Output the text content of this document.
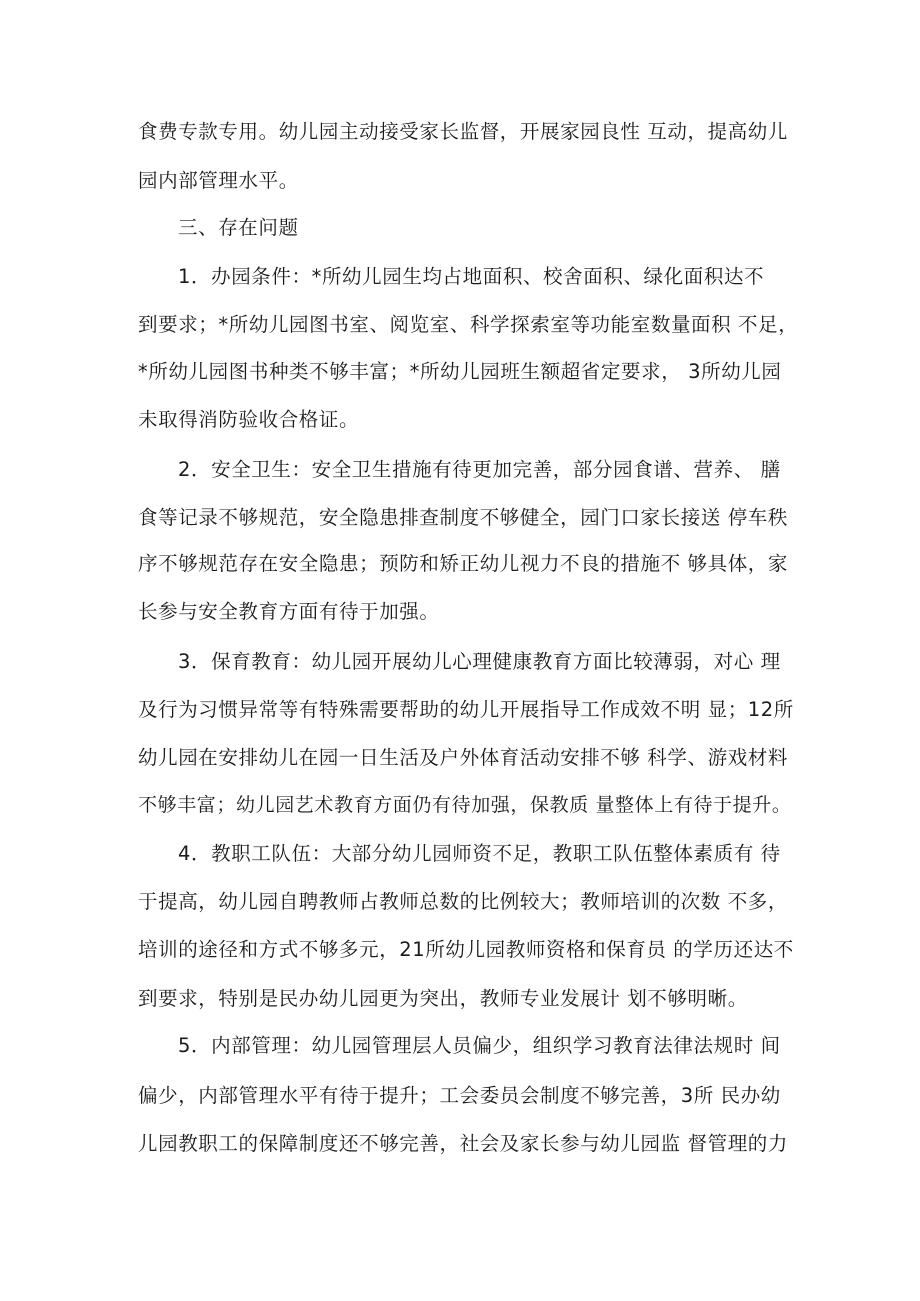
食费专款专用。幼儿园主动接受家长监督，开展家园良性 互动，提高幼儿
园内部管理水平。
三、存在问题
1．办园条件：*所幼儿园生均占地面积、校舍面积、绿化面积达不
到要求；*所幼儿园图书室、阅览室、科学探索室等功能室数量面积 不足，
*所幼儿园图书种类不够丰富；*所幼儿园班生额超省定要求， 3所幼儿园
未取得消防验收合格证。
2．安全卫生：安全卫生措施有待更加完善，部分园食谱、营养、 膳
食等记录不够规范，安全隐患排查制度不够健全，园门口家长接送 停车秩
序不够规范存在安全隐患；预防和矫正幼儿视力不良的措施不 够具体，家
长参与安全教育方面有待于加强。
3．保育教育：幼儿园开展幼儿心理健康教育方面比较薄弱，对心 理
及行为习惯异常等有特殊需要帮助的幼儿开展指导工作成效不明 显；12所
幼儿园在安排幼儿在园一日生活及户外体育活动安排不够 科学、游戏材料
不够丰富；幼儿园艺术教育方面仍有待加强，保教质 量整体上有待于提升。
4．教职工队伍：大部分幼儿园师资不足，教职工队伍整体素质有 待
于提高，幼儿园自聘教师占教师总数的比例较大；教师培训的次数 不多，
培训的途径和方式不够多元，21所幼儿园教师资格和保育员 的学历还达不
到要求，特别是民办幼儿园更为突出，教师专业发展计 划不够明晰。
5．内部管理：幼儿园管理层人员偏少，组织学习教育法律法规时 间
偏少，内部管理水平有待于提升；工会委员会制度不够完善，3所 民办幼
儿园教职工的保障制度还不够完善，社会及家长参与幼儿园监 督管理的力
